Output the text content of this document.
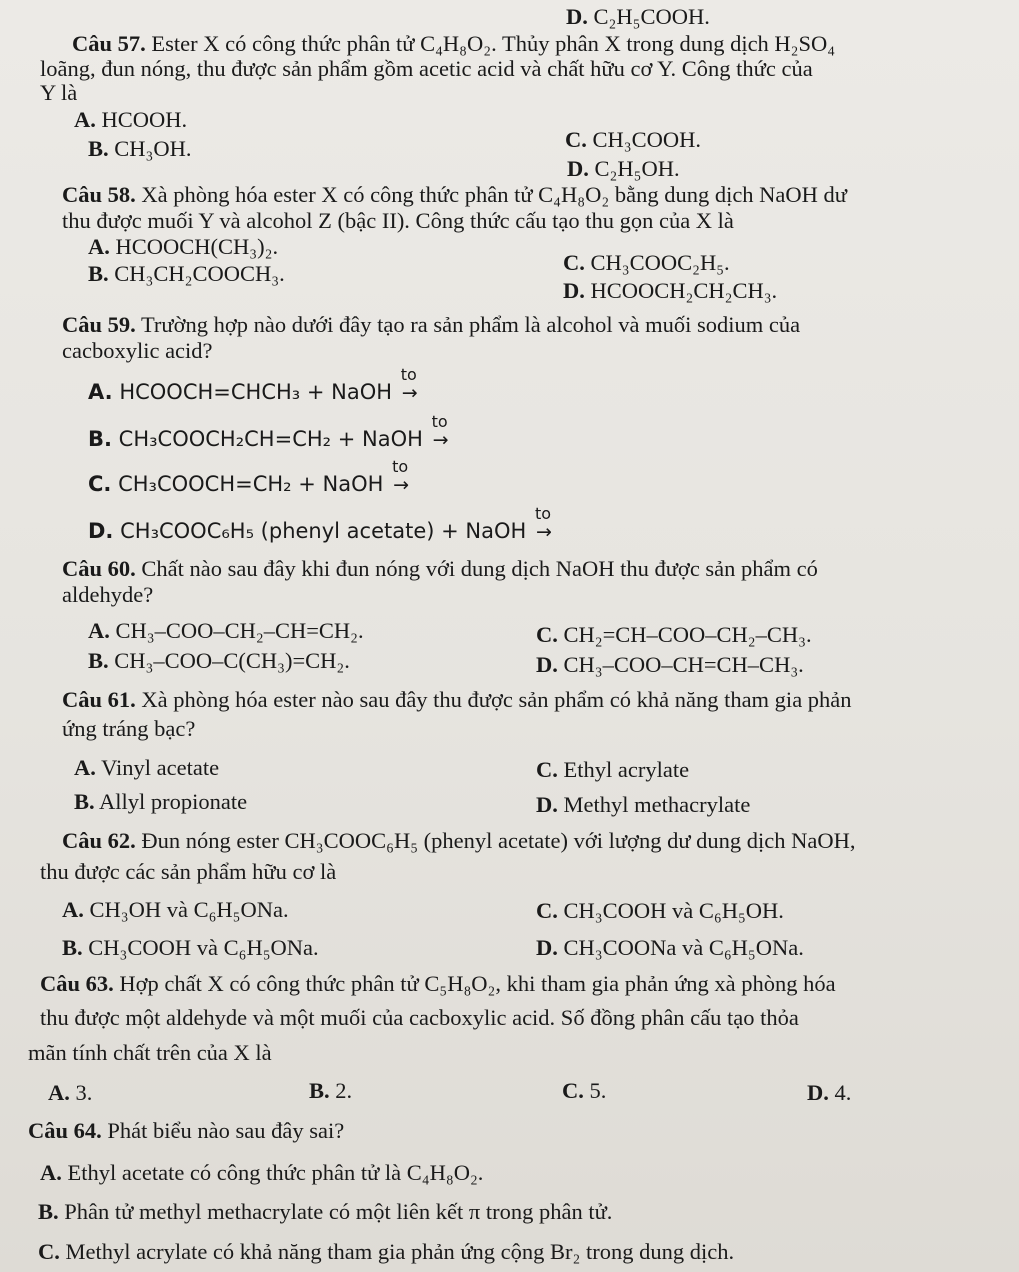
D. C₂H₅COOH.
Câu 57. Ester X có công thức phân tử C₄H₈O₂. Thủy phân X trong dung dịch H₂SO₄
loãng, đun nóng, thu được sản phẩm gồm acetic acid và chất hữu cơ Y. Công thức của
Y là
A. HCOOH.
C. CH₃COOH.
B. CH₃OH.
D. C₂H₅OH.
Câu 58. Xà phòng hóa ester X có công thức phân tử C₄H₈O₂ bằng dung dịch NaOH dư
thu được muối Y và alcohol Z (bậc II). Công thức cấu tạo thu gọn của X là
A. HCOOCH(CH₃)₂.
C. CH₃COOC₂H₅.
B. CH₃CH₂COOCH₃.
D. HCOOCH₂CH₂CH₃.
Câu 59. Trường hợp nào dưới đây tạo ra sản phẩm là alcohol và muối sodium của
cacboxylic acid?
A. HCOOCH=CHCH₃ + NaOH
to
→
B. CH₃COOCH₂CH=CH₂ + NaOH
to
→
C. CH₃COOCH=CH₂ + NaOH
to
→
D. CH₃COOC₆H₅ (phenyl acetate) + NaOH
to
→
Câu 60. Chất nào sau đây khi đun nóng với dung dịch NaOH thu được sản phẩm có
aldehyde?
A. CH₃–COO–CH₂–CH=CH₂.	C. CH₂=CH–COO–CH₂–CH₃.
B. CH₃–COO–C(CH₃)=CH₂.	D. CH₃–COO–CH=CH–CH₃.
Câu 61. Xà phòng hóa ester nào sau đây thu được sản phẩm có khả năng tham gia phản
ứng tráng bạc?
A. Vinyl acetate	C. Ethyl acrylate
B. Allyl propionate	D. Methyl methacrylate
Câu 62. Đun nóng ester CH₃COOC₆H₅ (phenyl acetate) với lượng dư dung dịch NaOH,
thu được các sản phẩm hữu cơ là
A. CH₃OH và C₆H₅ONa.	C. CH₃COOH và C₆H₅OH.
B. CH₃COOH và C₆H₅ONa.	D. CH₃COONa và C₆H₅ONa.
Câu 63. Hợp chất X có công thức phân tử C₅H₈O₂, khi tham gia phản ứng xà phòng hóa
thu được một aldehyde và một muối của cacboxylic acid. Số đồng phân cấu tạo thỏa
mãn tính chất trên của X là
A. 3.	B. 2.	C. 5.	D. 4.
Câu 64. Phát biểu nào sau đây sai?
A. Ethyl acetate có công thức phân tử là C₄H₈O₂.
B. Phân tử methyl methacrylate có một liên kết π trong phân tử.
C. Methyl acrylate có khả năng tham gia phản ứng cộng Br₂ trong dung dịch.
